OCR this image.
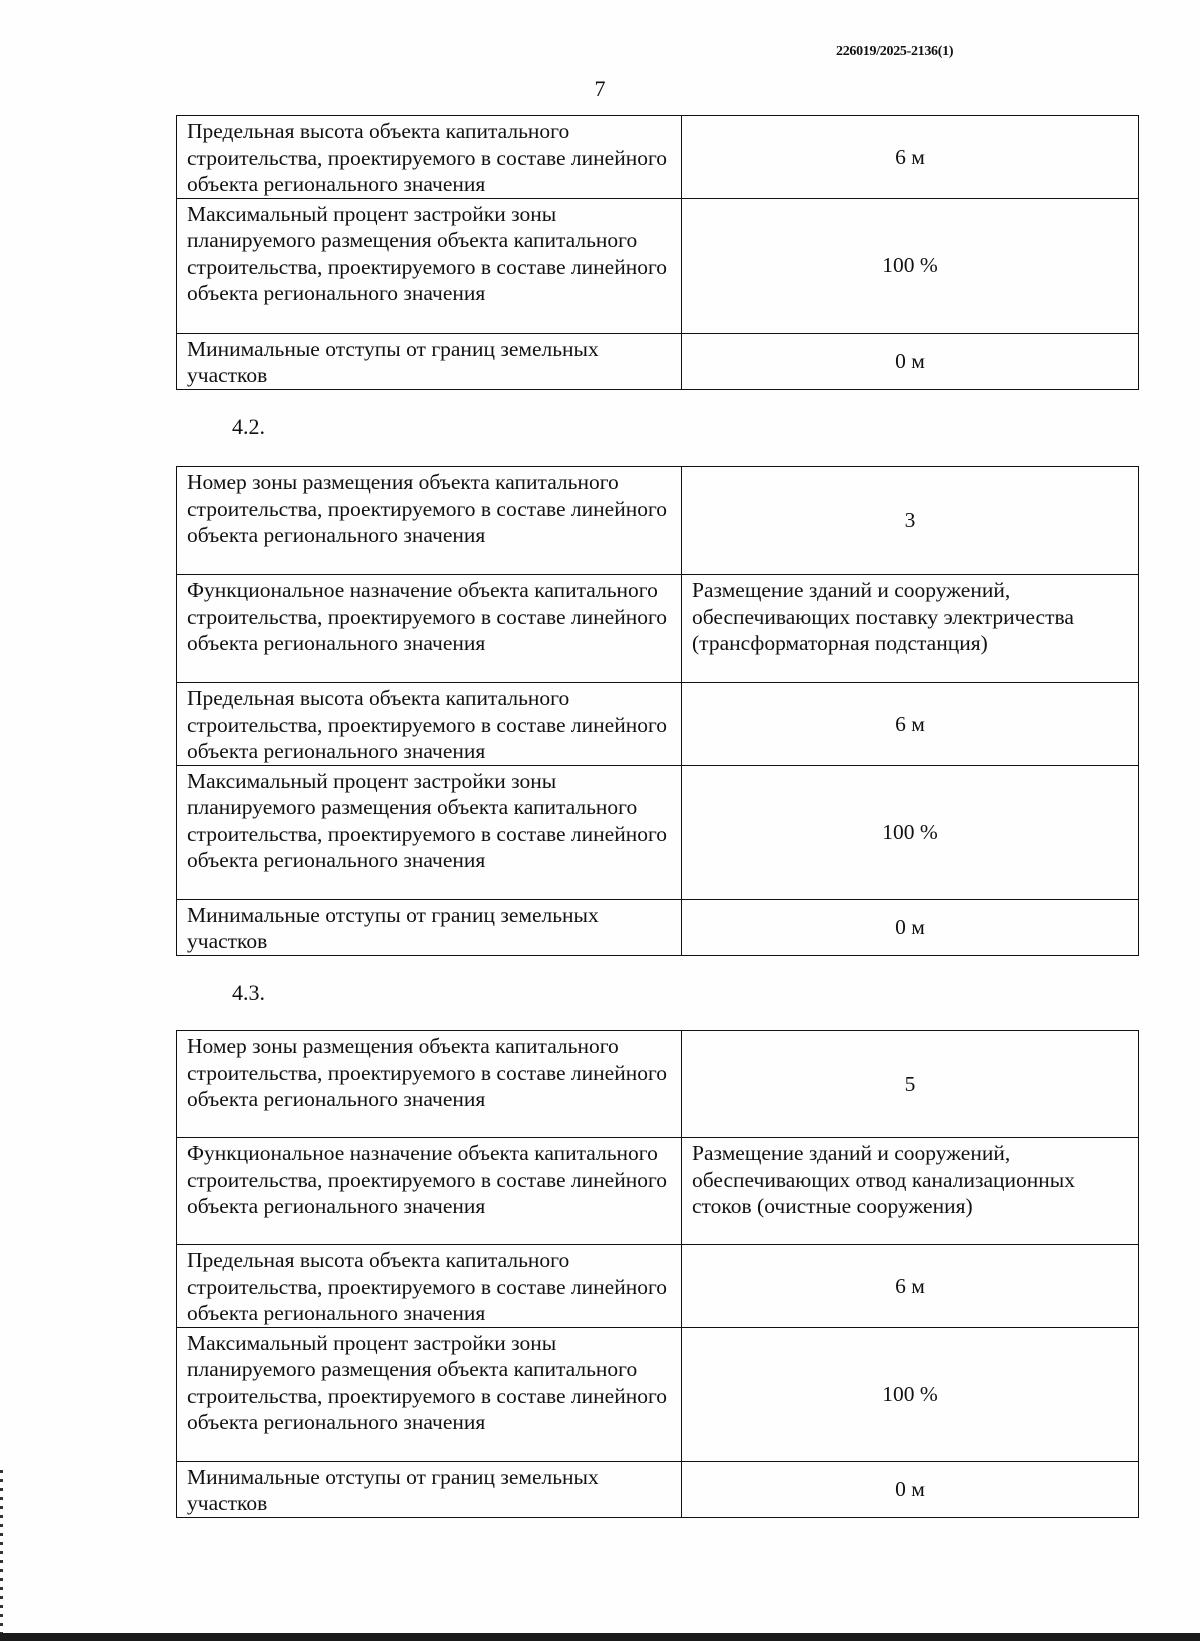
226019/2025-2136(1)
7
Предельная высота объекта капитального строительства, проектируемого в составе линейного объекта регионального значения	6 м
Максимальный процент застройки зоны планируемого размещения объекта капитального строительства, проектируемого в составе линейного объекта регионального значения	100 %
Минимальные отступы от границ земельных участков	0 м
4.2.
Номер зоны размещения объекта капитального строительства, проектируемого в составе линейного объекта регионального значения	3
Функциональное назначение объекта капитального строительства, проектируемого в составе линейного объекта регионального значения	Размещение зданий и сооружений, обеспечивающих поставку электричества (трансформаторная подстанция)
Предельная высота объекта капитального строительства, проектируемого в составе линейного объекта регионального значения	6 м
Максимальный процент застройки зоны планируемого размещения объекта капитального строительства, проектируемого в составе линейного объекта регионального значения	100 %
Минимальные отступы от границ земельных участков	0 м
4.3.
Номер зоны размещения объекта капитального строительства, проектируемого в составе линейного объекта регионального значения	5
Функциональное назначение объекта капитального строительства, проектируемого в составе линейного объекта регионального значения	Размещение зданий и сооружений, обеспечивающих отвод канализационных стоков (очистные сооружения)
Предельная высота объекта капитального строительства, проектируемого в составе линейного объекта регионального значения	6 м
Максимальный процент застройки зоны планируемого размещения объекта капитального строительства, проектируемого в составе линейного объекта регионального значения	100 %
Минимальные отступы от границ земельных участков	0 м
